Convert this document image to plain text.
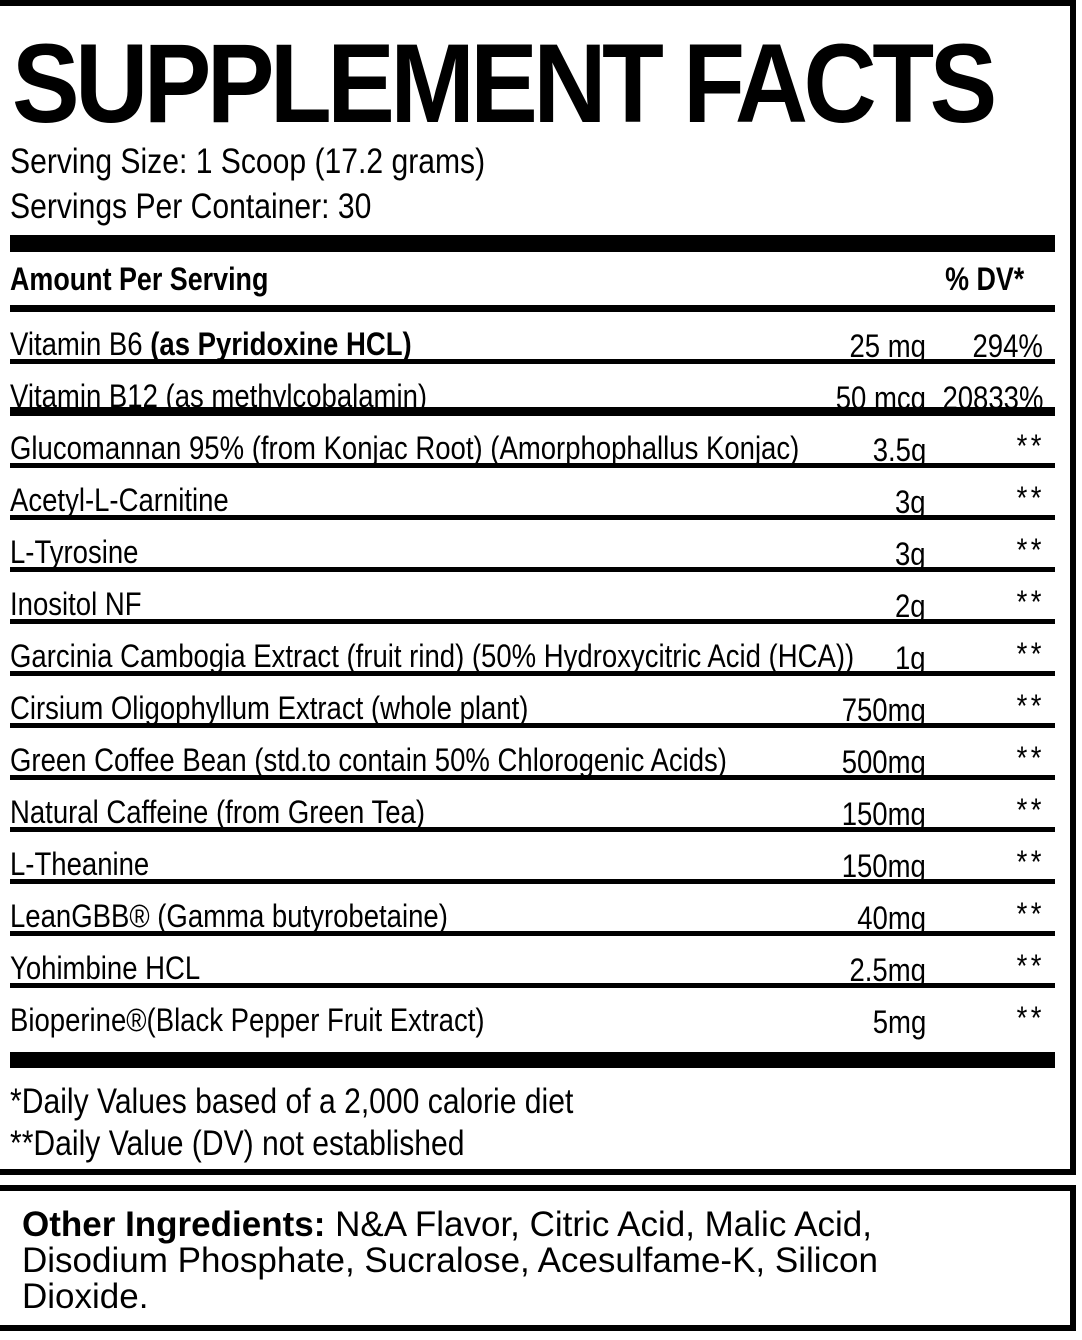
SUPPLEMENT FACTS
Serving Size: 1 Scoop (17.2 grams)
Servings Per Container: 30
Amount Per Serving	% DV*
Vitamin B6 (as Pyridoxine HCL)	25 mg 294%
Vitamin B12 (as methylcobalamin)	50 mcg 20833%
Glucomannan 95% (from Konjac Root) (Amorphophallus Konjac) 3.5g	**
Acetyl-L-Carnitine	3g	**
L-Tyrosine	3g	**
Inositol NF	2g	**
Garcinia Cambogia Extract (fruit rind) (50% Hydroxycitric Acid (HCA)) 1g	**
Cirsium Oligophyllum Extract (whole plant)	750mg	**
Green Coffee Bean (std.to contain 50% Chlorogenic Acids)	500mg	**
Natural Caffeine (from Green Tea)	150mg	**
L-Theanine	150mg	**
LeanGBB® (Gamma butyrobetaine)	40mg	**
Yohimbine HCL	2.5mg	**
Bioperine®(Black Pepper Fruit Extract)	5mg	**
*Daily Values based of a 2,000 calorie diet
**Daily Value (DV) not established
Other Ingredients: N&A Flavor, Citric Acid, Malic Acid, Disodium Phosphate, Sucralose, Acesulfame-K, Silicon Dioxide.
